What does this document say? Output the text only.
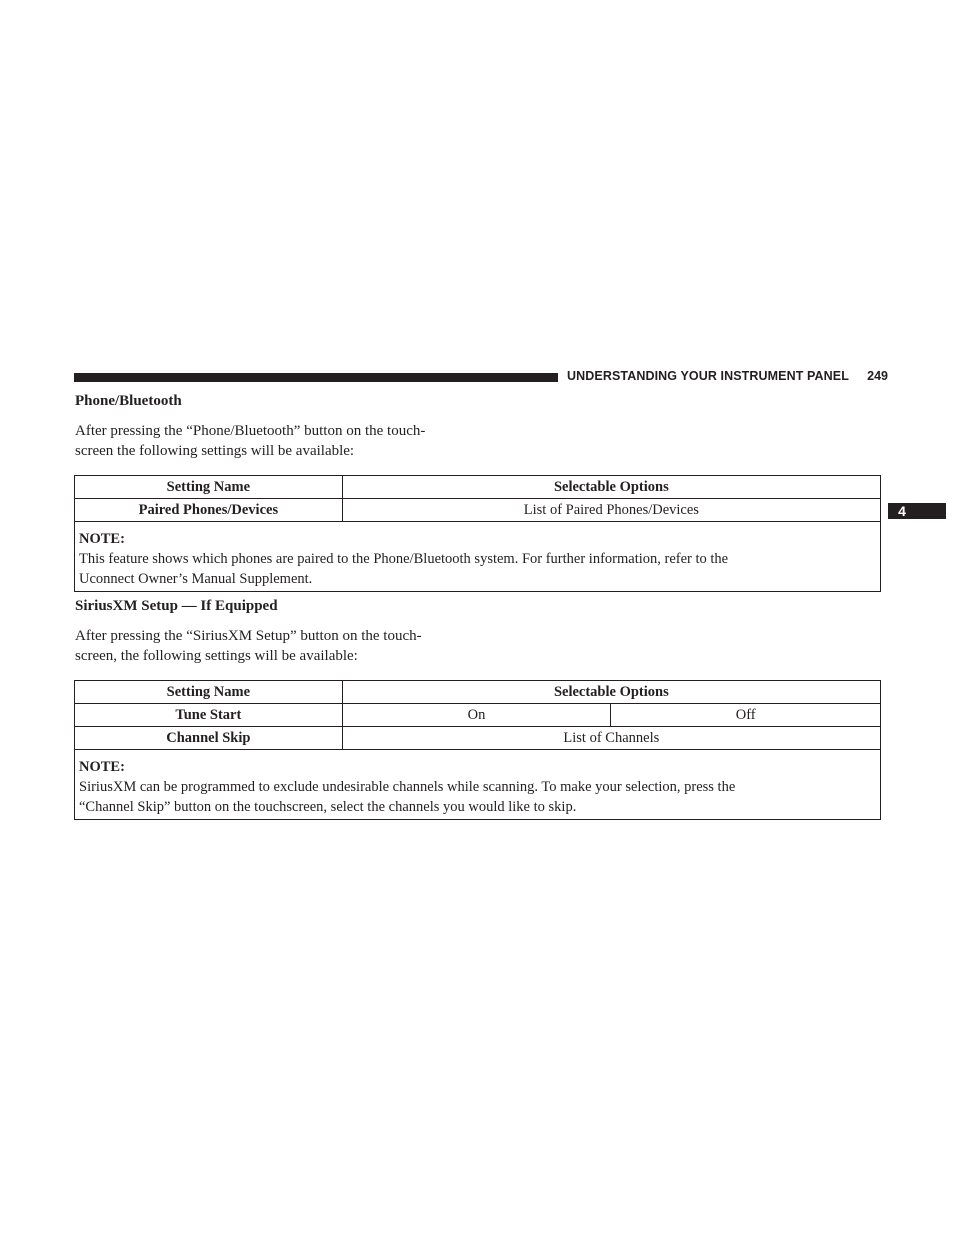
UNDERSTANDING YOUR INSTRUMENT PANEL	249
4
Phone/Bluetooth
After pressing the “Phone/Bluetooth” button on the touch-
screen the following settings will be available:
Setting Name	Selectable Options
Paired Phones/Devices	List of Paired Phones/Devices

NOTE:
This feature shows which phones are paired to the Phone/Bluetooth system. For further information, refer to the
Uconnect Owner’s Manual Supplement.	
SiriusXM Setup — If Equipped
After pressing the “SiriusXM Setup” button on the touch-
screen, the following settings will be available:
Setting Name	Selectable Options	
Tune Start	On	Off
Channel Skip	List of Channels	

NOTE:
SiriusXM can be programmed to exclude undesirable channels while scanning. To make your selection, press the
“Channel Skip” button on the touchscreen, select the channels you would like to skip.		
